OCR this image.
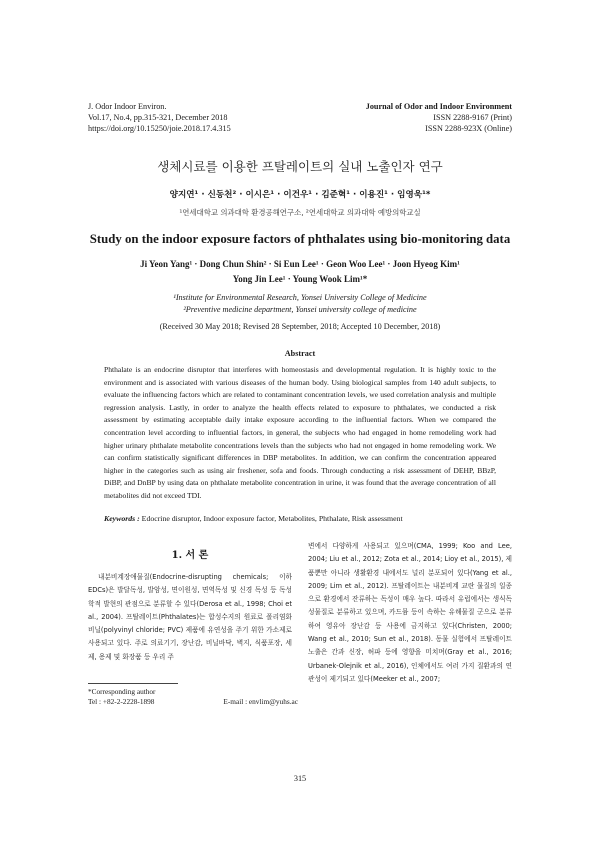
J. Odor Indoor Environ.
Vol.17, No.4, pp.315-321, December 2018
https://doi.org/10.15250/joie.2018.17.4.315
Journal of Odor and Indoor Environment
ISSN 2288-9167 (Print)
ISSN 2288-923X (Online)
생체시료를 이용한 프탈레이트의 실내 노출인자 연구
양지연¹ · 신동천² · 이시은¹ · 이건우¹ · 김준혁¹ · 이용진¹ · 임영욱¹*
¹연세대학교 의과대학 환경공해연구소, ²연세대학교 의과대학 예방의학교실
Study on the indoor exposure factors of phthalates using bio-monitoring data
Ji Yeon Yang¹ · Dong Chun Shin² · Si Eun Lee¹ · Geon Woo Lee¹ · Joon Hyeog Kim¹
Yong Jin Lee¹ · Young Wook Lim¹*
¹Institute for Environmental Research, Yonsei University College of Medicine
²Preventive medicine department, Yonsei university college of medicine
(Received 30 May 2018; Revised 28 September, 2018; Accepted 10 December, 2018)
Abstract
Phthalate is an endocrine disruptor that interferes with homeostasis and developmental regulation. It is highly toxic to the environment and is associated with various diseases of the human body. Using biological samples from 140 adult subjects, to evaluate the influencing factors which are related to contaminant concentration levels, we used correlation analysis and multiple regression analysis. Lastly, in order to analyze the health effects related to exposure to phthalates, we conducted a risk assessment by estimating acceptable daily intake exposure according to the influential factors. When we compared the concentration level according to influential factors, in general, the subjects who had engaged in home remodeling work had higher urinary phthalate metabolite concentrations levels than the subjects who had not engaged in home remodeling work. We can confirm statistically significant differences in DBP metabolites. In addition, we can confirm the concentration appeared higher in the categories such as using air freshener, sofa and foods. Through conducting a risk assessment of DEHP, BBzP, DiBP, and DnBP by using data on phthalate metabolite concentration in urine, it was found that the average concentration of all metabolites did not exceed TDI.
Keywords : Edocrine disruptor, Indoor exposure factor, Metabolites, Phthalate, Risk assessment
1. 서 론
내분비계장애물질(Endocrine-disrupting chemicals; 이하 EDCs)은 발달독성, 발암성, 면이원성, 면역독성 및 신경 독성 등 독성학적 발현의 관점으로 분류할 수 있다(Derosa et al., 1998; Choi et al., 2004). 프탈레이트(Phthalates)는 합성수지의 원료로 폴리염화비닐(polyvinyl chloride; PVC) 제품에 유연성을 주기 위한 가소제로 사용되고 있다. 주로 의료기기, 장난감, 비닐바닥, 벽지, 식품포장, 세제, 용제 및 화장품 등 우리 주
변에서 다양하게 사용되고 있으며(CMA, 1999; Koo and Lee, 2004; Liu et al., 2012; Zota et al., 2014; Lioy et al., 2015), 제품뿐만 아니라 생활환경 내에서도 널리 분포되어 있다(Yang et al., 2009; Lim et al., 2012). 프탈레이트는 내분비계 교란 물질의 일종으로 환경에서 잔류하는 독성이 매우 높다. 따라서 유럽에서는 생식독성물질로 분류하고 있으며, 카드뮴 등이 속하는 유해물질 군으로 분류하여 영유아 장난감 등 사용에 금지하고 있다(Christen, 2000; Wang et al., 2010; Sun et al., 2018). 동물 실험에서 프탈레이트 노출은 간과 신장, 허파 등에 영향을 미치며(Gray et al., 2016; Urbanek-Olejnik et al., 2016), 인체에서도 여러 가지 질환과의 연관성이 제기되고 있다(Meeker et al., 2007;
*Corresponding author
Tel : +82-2-2228-1898	E-mail : envlim@yuhs.ac
315
